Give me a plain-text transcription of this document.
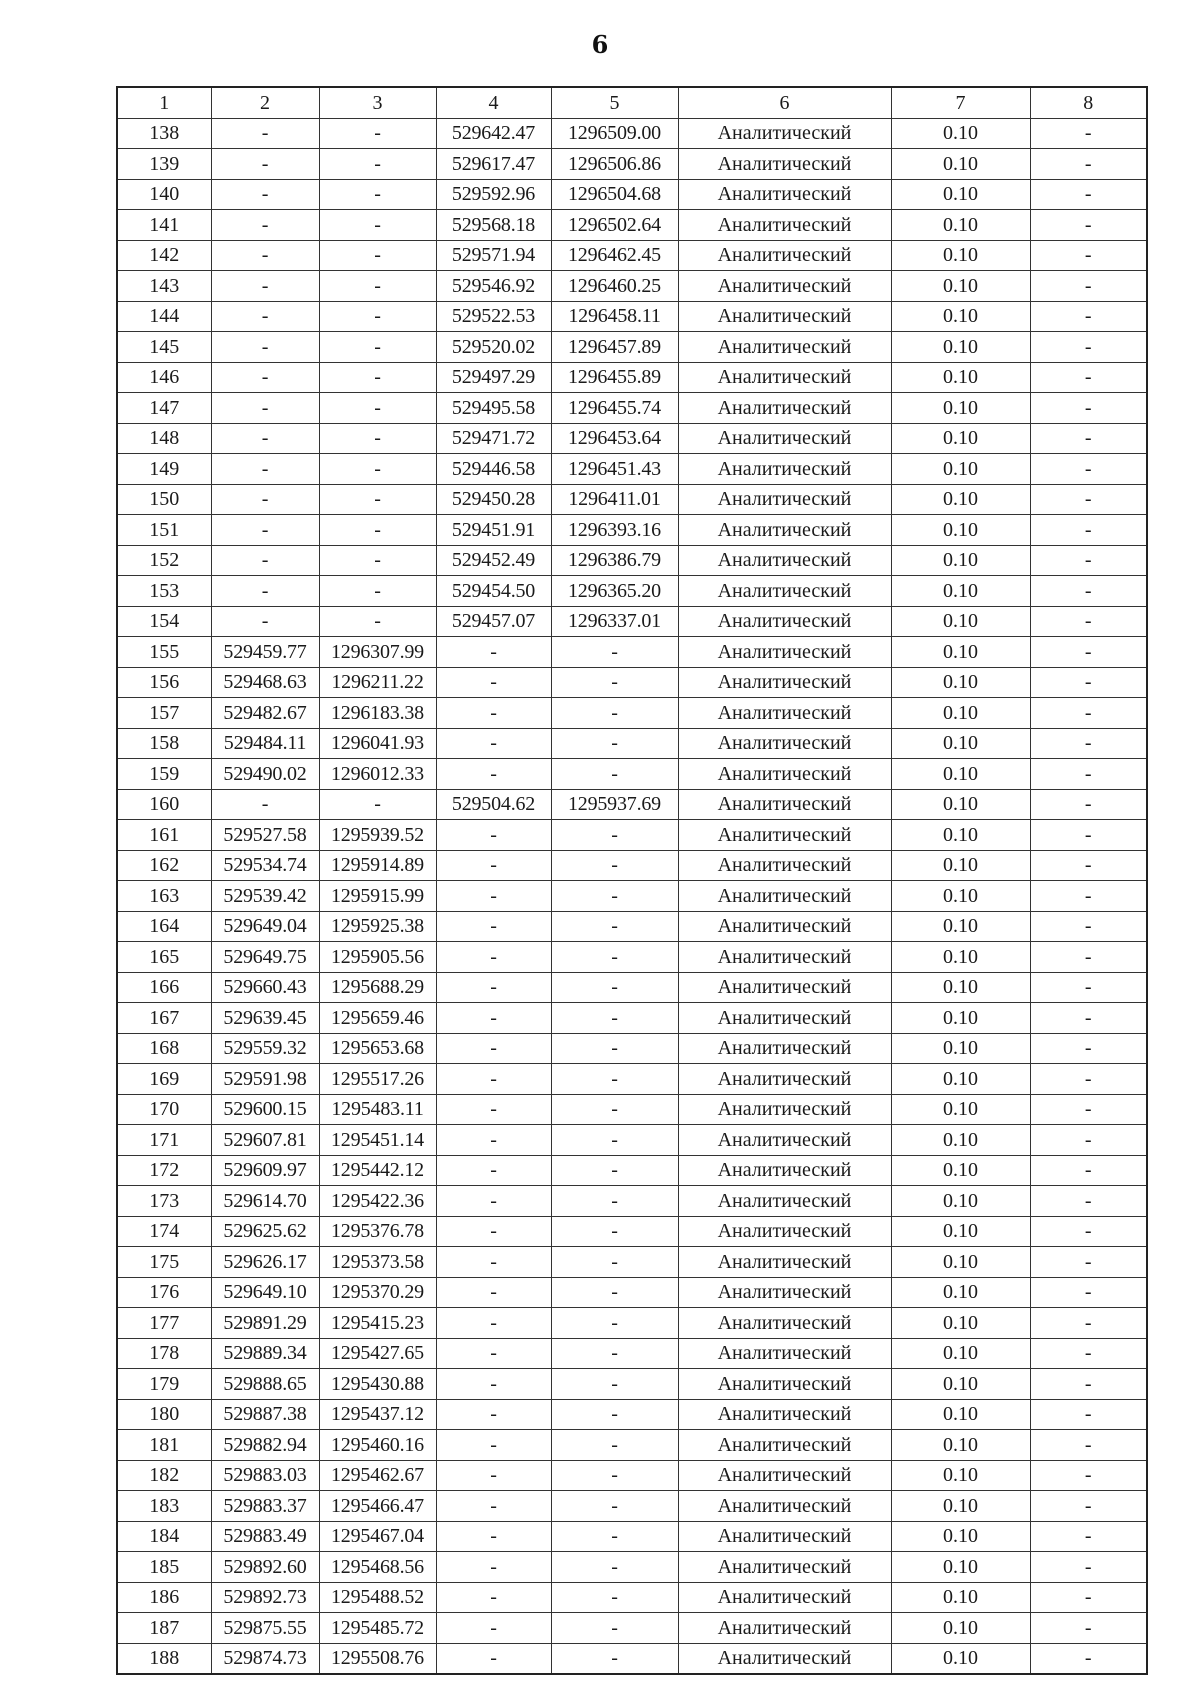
6
1	2	3	4	5	6	7	8
138	-	-	529642.47	1296509.00	Аналитический	0.10	-
139	-	-	529617.47	1296506.86	Аналитический	0.10	-
140	-	-	529592.96	1296504.68	Аналитический	0.10	-
141	-	-	529568.18	1296502.64	Аналитический	0.10	-
142	-	-	529571.94	1296462.45	Аналитический	0.10	-
143	-	-	529546.92	1296460.25	Аналитический	0.10	-
144	-	-	529522.53	1296458.11	Аналитический	0.10	-
145	-	-	529520.02	1296457.89	Аналитический	0.10	-
146	-	-	529497.29	1296455.89	Аналитический	0.10	-
147	-	-	529495.58	1296455.74	Аналитический	0.10	-
148	-	-	529471.72	1296453.64	Аналитический	0.10	-
149	-	-	529446.58	1296451.43	Аналитический	0.10	-
150	-	-	529450.28	1296411.01	Аналитический	0.10	-
151	-	-	529451.91	1296393.16	Аналитический	0.10	-
152	-	-	529452.49	1296386.79	Аналитический	0.10	-
153	-	-	529454.50	1296365.20	Аналитический	0.10	-
154	-	-	529457.07	1296337.01	Аналитический	0.10	-
155	529459.77	1296307.99	-	-	Аналитический	0.10	-
156	529468.63	1296211.22	-	-	Аналитический	0.10	-
157	529482.67	1296183.38	-	-	Аналитический	0.10	-
158	529484.11	1296041.93	-	-	Аналитический	0.10	-
159	529490.02	1296012.33	-	-	Аналитический	0.10	-
160	-	-	529504.62	1295937.69	Аналитический	0.10	-
161	529527.58	1295939.52	-	-	Аналитический	0.10	-
162	529534.74	1295914.89	-	-	Аналитический	0.10	-
163	529539.42	1295915.99	-	-	Аналитический	0.10	-
164	529649.04	1295925.38	-	-	Аналитический	0.10	-
165	529649.75	1295905.56	-	-	Аналитический	0.10	-
166	529660.43	1295688.29	-	-	Аналитический	0.10	-
167	529639.45	1295659.46	-	-	Аналитический	0.10	-
168	529559.32	1295653.68	-	-	Аналитический	0.10	-
169	529591.98	1295517.26	-	-	Аналитический	0.10	-
170	529600.15	1295483.11	-	-	Аналитический	0.10	-
171	529607.81	1295451.14	-	-	Аналитический	0.10	-
172	529609.97	1295442.12	-	-	Аналитический	0.10	-
173	529614.70	1295422.36	-	-	Аналитический	0.10	-
174	529625.62	1295376.78	-	-	Аналитический	0.10	-
175	529626.17	1295373.58	-	-	Аналитический	0.10	-
176	529649.10	1295370.29	-	-	Аналитический	0.10	-
177	529891.29	1295415.23	-	-	Аналитический	0.10	-
178	529889.34	1295427.65	-	-	Аналитический	0.10	-
179	529888.65	1295430.88	-	-	Аналитический	0.10	-
180	529887.38	1295437.12	-	-	Аналитический	0.10	-
181	529882.94	1295460.16	-	-	Аналитический	0.10	-
182	529883.03	1295462.67	-	-	Аналитический	0.10	-
183	529883.37	1295466.47	-	-	Аналитический	0.10	-
184	529883.49	1295467.04	-	-	Аналитический	0.10	-
185	529892.60	1295468.56	-	-	Аналитический	0.10	-
186	529892.73	1295488.52	-	-	Аналитический	0.10	-
187	529875.55	1295485.72	-	-	Аналитический	0.10	-
188	529874.73	1295508.76	-	-	Аналитический	0.10	-
